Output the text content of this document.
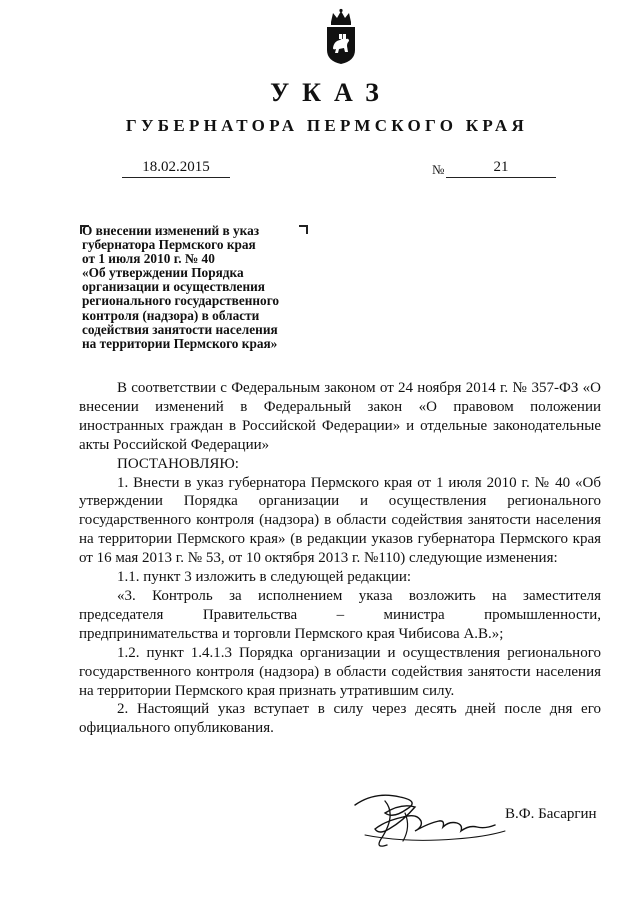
УКАЗ
ГУБЕРНАТОРА ПЕРМСКОГО КРАЯ
18.02.2015	№	21
О внесении изменений в указ
губернатора Пермского края
от 1 июля 2010 г. № 40
«Об утверждении Порядка
организации и осуществления
регионального государственного
контроля (надзора) в области
содействия занятости населения
на территории Пермского края»

В соответствии с Федеральным законом от 24 ноября 2014 г. № 357-ФЗ «О внесении изменений в Федеральный закон «О правовом положении иностранных граждан в Российской Федерации» и отдельные законодательные акты Российской Федерации»

ПОСТАНОВЛЯЮ:

1. Внести в указ губернатора Пермского края от 1 июля 2010 г. № 40 «Об утверждении Порядка организации и осуществления регионального государственного контроля (надзора) в области содействия занятости населения на территории Пермского края» (в редакции указов губернатора Пермского края от 16 мая 2013 г. № 53, от 10 октября 2013 г. №110) следующие изменения:

1.1. пункт 3 изложить в следующей редакции:

«3. Контроль за исполнением указа возложить на заместителя председателя Правительства – министра промышленности, предпринимательства и торговли Пермского края Чибисова А.В.»;

1.2. пункт 1.4.1.3 Порядка организации и осуществления регионального государственного контроля (надзора) в области содействия занятости населения на территории Пермского края признать утратившим силу.

2. Настоящий указ вступает в силу через десять дней после дня его официального опубликования.

В.Ф. Басаргин
